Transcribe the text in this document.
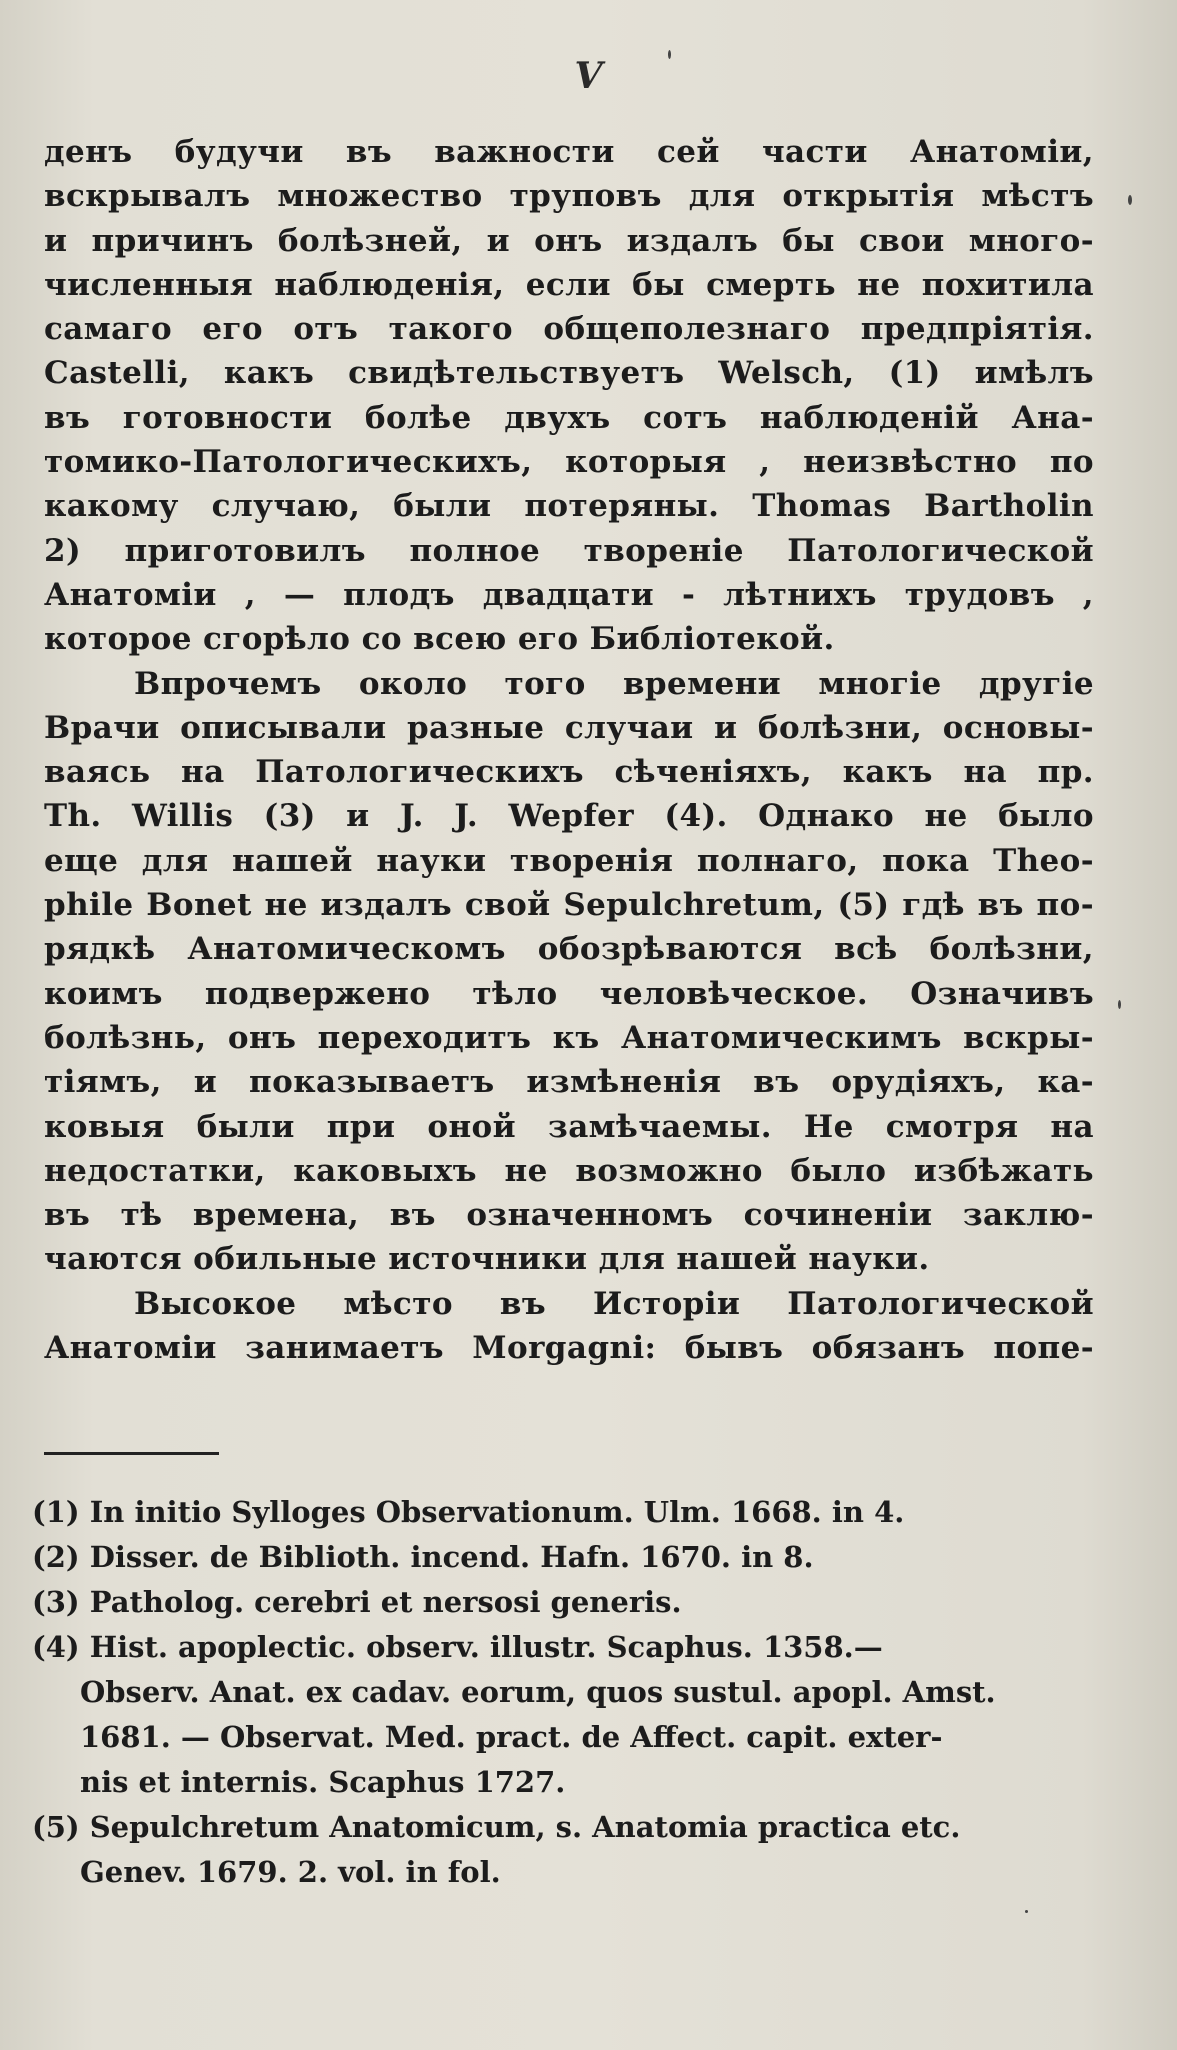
V
денъ будучи въ важности сей части Анатоміи,
вскрывалъ множество труповъ для открытія мѣстъ
и причинъ болѣзней, и онъ издалъ бы свои много-
численныя наблюденія, если бы смерть не похитила
самаго его отъ такого общеполезнаго предпріятія.
Castelli, какъ свидѣтельствуетъ Welsch, (1) имѣлъ
въ готовности болѣе двухъ сотъ наблюденій Ана-
томико-Патологическихъ, которыя , неизвѣстно по
какому случаю, были потеряны. Thomas Bartholin
2) приготовилъ полное твореніе Патологической
Анатоміи , — плодъ двадцати - лѣтнихъ трудовъ ,
которое сгорѣло со всею его Библіотекой.
Впрочемъ около того времени многіе другіе
Врачи описывали разные случаи и болѣзни, основы-
ваясь на Патологическихъ сѣченіяхъ, какъ на пр.
Th. Willis (3) и J. J. Wepfer (4). Однако не было
еще для нашей науки творенія полнаго, пока Theo-
phile Bonet не издалъ свой Sepulchretum, (5) гдѣ въ по-
рядкѣ Анатомическомъ обозрѣваются всѣ болѣзни,
коимъ подвержено тѣло человѣческое. Означивъ
болѣзнь, онъ переходитъ къ Анатомическимъ вскры-
тіямъ, и показываетъ измѣненія въ орудіяхъ, ка-
ковыя были при оной замѣчаемы. Не смотря на
недостатки, каковыхъ не возможно было избѣжать
въ тѣ времена, въ означенномъ сочиненіи заклю-
чаются обильные источники для нашей науки.
Высокое мѣсто въ Исторіи Патологической
Анатоміи занимаетъ Morgagni: бывъ обязанъ попе-
(1) In initio Sylloges Observationum. Ulm. 1668. in 4.
(2) Disser. de Biblioth. incend. Hafn. 1670. in 8.
(3) Patholog. cerebri et nersosi generis.
(4) Hist. apoplectic. observ. illustr. Scaphus. 1358.—
Observ. Anat. ex cadav. eorum, quos sustul. apopl. Amst.
1681. — Observat. Med. pract. de Affect. capit. exter-
nis et internis. Scaphus 1727.
(5) Sepulchretum Anatomicum, s. Anatomia practica etc.
Genev. 1679. 2. vol. in fol.
